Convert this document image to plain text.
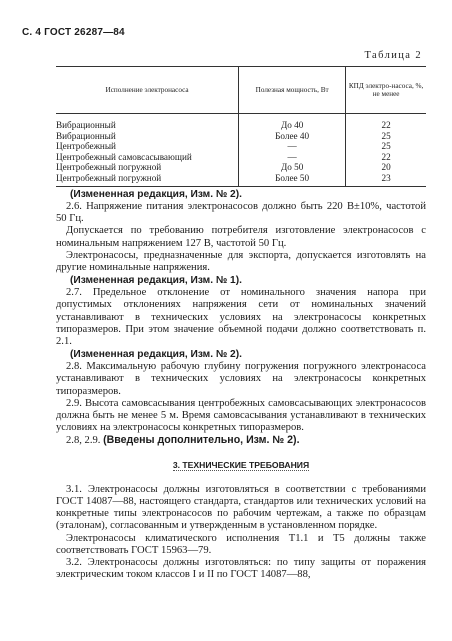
С. 4 ГОСТ 26287—84
Таблица 2
Исполнение электронасоса	Полезная мощность, Вт	КПД электро-насоса, %, не менее
Вибрационный	До 40	22
Вибрационный	Более 40	25
Центробежный	—	25
Центробежный самовсасывающий	—	22
Центробежный погружной	До 50	20
Центробежный погружной	Более 50	23

(Измененная редакция, Изм. № 2).

2.6. Напряжение питания электронасосов должно быть 220 В±10%, частотой 50 Гц.

Допускается по требованию потребителя изготовление электронасосов с номинальным напряжением 127 В, частотой 50 Гц.

Электронасосы, предназначенные для экспорта, допускается изготовлять на другие номинальные напряжения.

(Измененная редакция, Изм. № 1).

2.7. Предельное отклонение от номинального значения напора при допустимых отклонениях напряжения сети от номинальных значений устанавливают в технических условиях на электронасосы конкретных типоразмеров. При этом значение объемной подачи должно соответствовать п. 2.1.

(Измененная редакция, Изм. № 2).

2.8. Максимальную рабочую глубину погружения погружного электронасоса устанавливают в технических условиях на электронасосы конкретных типоразмеров.

2.9. Высота самовсасывания центробежных самовсасывающих электронасосов должна быть не менее 5 м. Время самовсасывания устанавливают в технических условиях на электронасосы конкретных типоразмеров.

2.8, 2.9. (Введены дополнительно, Изм. № 2).

3. ТЕХНИЧЕСКИЕ ТРЕБОВАНИЯ

3.1. Электронасосы должны изготовляться в соответствии с требованиями ГОСТ 14087—88, настоящего стандарта, стандартов или технических условий на конкретные типы электронасосов по рабочим чертежам, а также по образцам (эталонам), согласованным и утвержденным в установленном порядке.

Электронасосы климатического исполнения Т1.1 и Т5 должны также соответствовать ГОСТ 15963—79.

3.2. Электронасосы должны изготовляться: по типу защиты от поражения электрическим током классов I и II по ГОСТ 14087—88,
